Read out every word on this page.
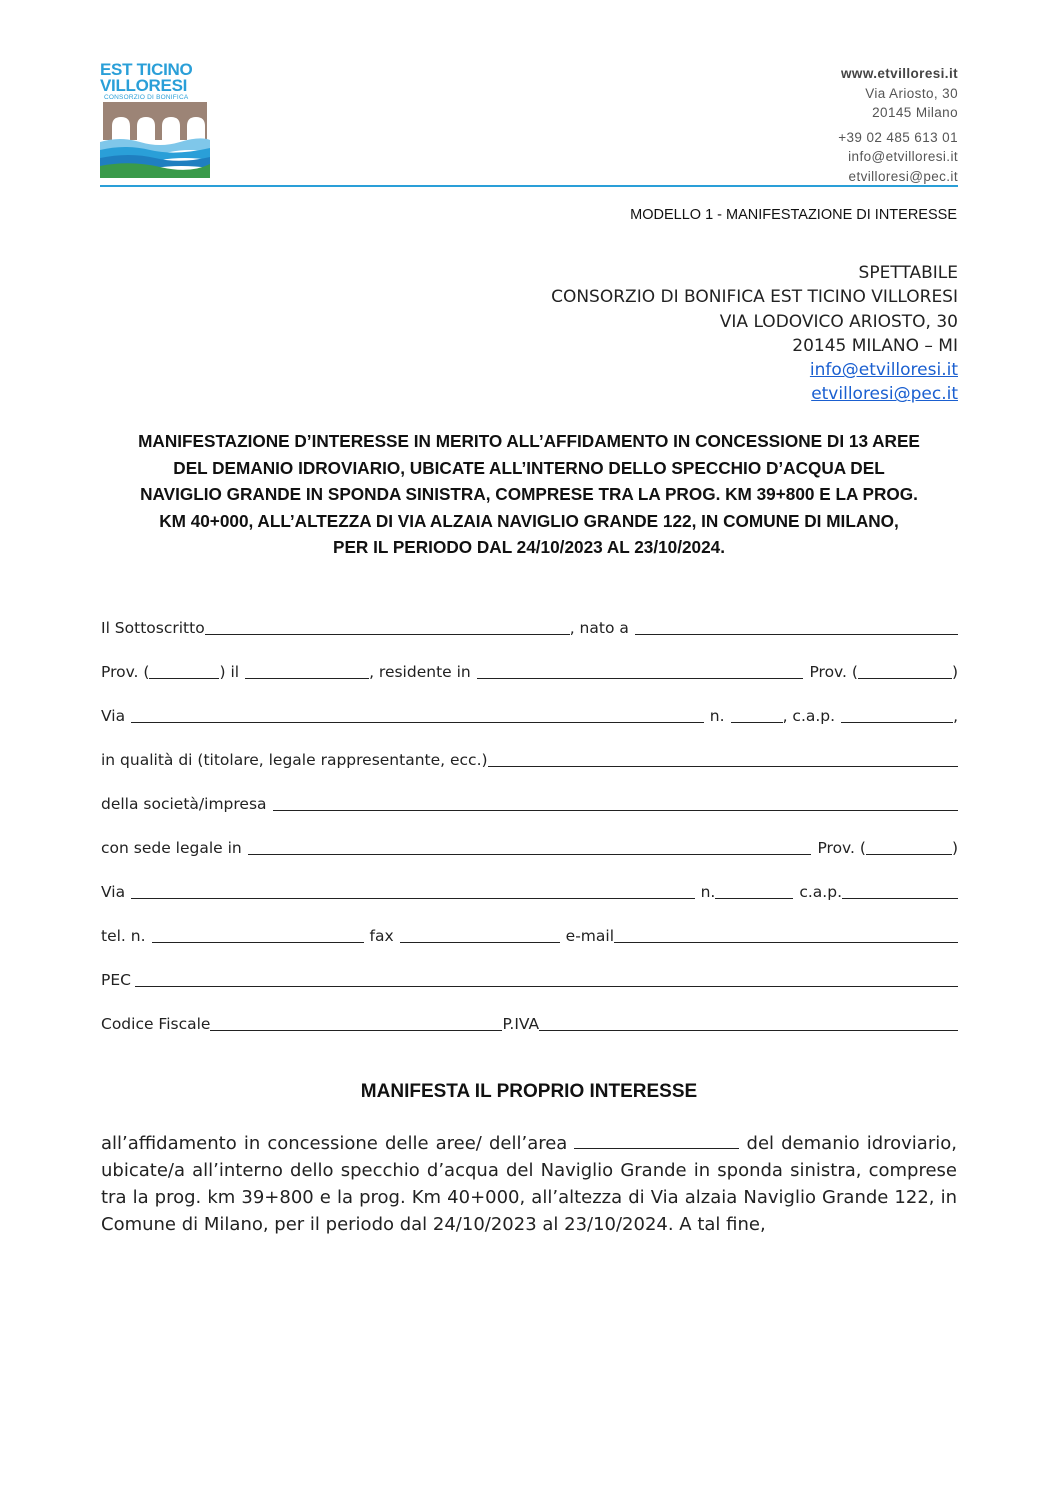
EST TICINO
VILLORESI
CONSORZIO DI BONIFICA
www.etvilloresi.it
Via Ariosto, 30
20145 Milano
+39 02 485 613 01
info@etvilloresi.it
etvilloresi@pec.it
MODELLO 1 - MANIFESTAZIONE DI INTERESSE
SPETTABILE
CONSORZIO DI BONIFICA EST TICINO VILLORESI
VIA LODOVICO ARIOSTO, 30
20145 MILANO – MI
info@etvilloresi.it
etvilloresi@pec.it
MANIFESTAZIONE D’INTERESSE IN MERITO ALL’AFFIDAMENTO IN CONCESSIONE DI 13 AREE
DEL DEMANIO IDROVIARIO, UBICATE ALL’INTERNO DELLO SPECCHIO D’ACQUA DEL
NAVIGLIO GRANDE IN SPONDA SINISTRA, COMPRESE TRA LA PROG. KM 39+800 E LA PROG.
KM 40+000, ALL’ALTEZZA DI VIA ALZAIA NAVIGLIO GRANDE 122, IN COMUNE DI MILANO,
PER IL PERIODO DAL 24/10/2023 AL 23/10/2024.
Il Sottoscritto	, nato a
Prov. (	) il	, residente in	Prov. (	)
Via	n.	, c.a.p.	,
in qualità di (titolare, legale rappresentante, ecc.)
della società/impresa
con sede legale in	Prov. (	)
Via	n.	c.a.p.
tel. n.	fax	e-mail
PEC
Codice Fiscale	P.IVA
MANIFESTA IL PROPRIO INTERESSE
all’affidamento in concessione delle aree/ dell’area	del demanio idroviario, ubicate/a all’interno dello specchio d’acqua del Naviglio Grande in sponda sinistra, comprese tra la prog. km 39+800 e la prog. Km 40+000, all’altezza di Via alzaia Naviglio Grande 122, in Comune di Milano, per il periodo dal 24/10/2023 al 23/10/2024. A tal fine,
